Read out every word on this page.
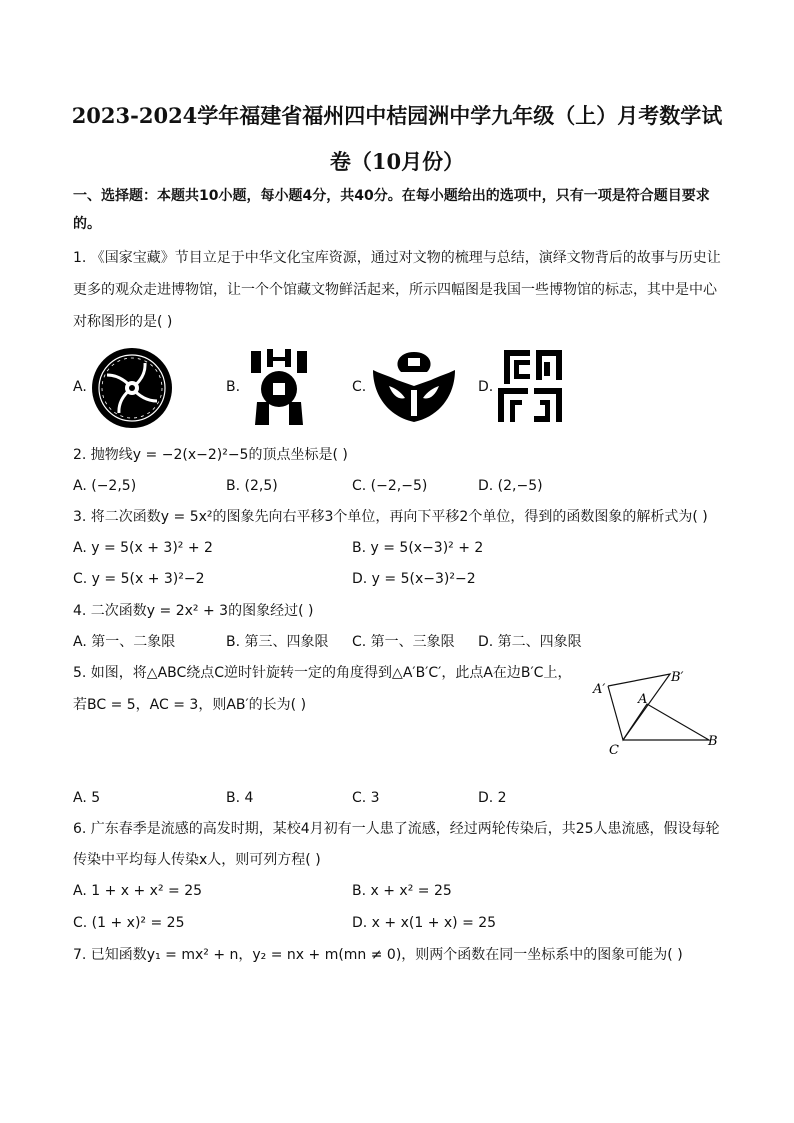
2023-2024学年福建省福州四中桔园洲中学九年级（上）月考数学试
卷（10月份）
一、选择题：本题共10小题，每小题4分，共40分。在每小题给出的选项中，只有一项是符合题目要求
的。
1. 《国家宝藏》节目立足于中华文化宝库资源，通过对文物的梳理与总结，演绎文物背后的故事与历史让
更多的观众走进博物馆，让一个个馆藏文物鲜活起来，所示四幅图是我国一些博物馆的标志，其中是中心
对称图形的是( )
A.	B.	C.	D.
2. 抛物线y = −2(x−2)²−5的顶点坐标是( )
A. (−2,5)	B. (2,5)	C. (−2,−5)	D. (2,−5)
3. 将二次函数y = 5x²的图象先向右平移3个单位，再向下平移2个单位，得到的函数图象的解析式为( )
A. y = 5(x + 3)² + 2	B. y = 5(x−3)² + 2
C. y = 5(x + 3)²−2	D. y = 5(x−3)²−2
4. 二次函数y = 2x² + 3的图象经过( )
A. 第一、二象限	B. 第三、四象限 C. 第一、三象限 D. 第二、四象限
5. 如图，将△ABC绕点C逆时针旋转一定的角度得到△A′B′C′，此点A在边B′C上，
若BC = 5，AC = 3，则AB′的长为( )
A′
B′
A
C
B
A. 5	B. 4	C. 3	D. 2
6. 广东春季是流感的高发时期，某校4月初有一人患了流感，经过两轮传染后，共25人患流感，假设每轮
传染中平均每人传染x人，则可列方程( )
A. 1 + x + x² = 25	B. x + x² = 25
C. (1 + x)² = 25	D. x + x(1 + x) = 25
7. 已知函数y₁ = mx² + n，y₂ = nx + m(mn ≠ 0)，则两个函数在同一坐标系中的图象可能为( )
